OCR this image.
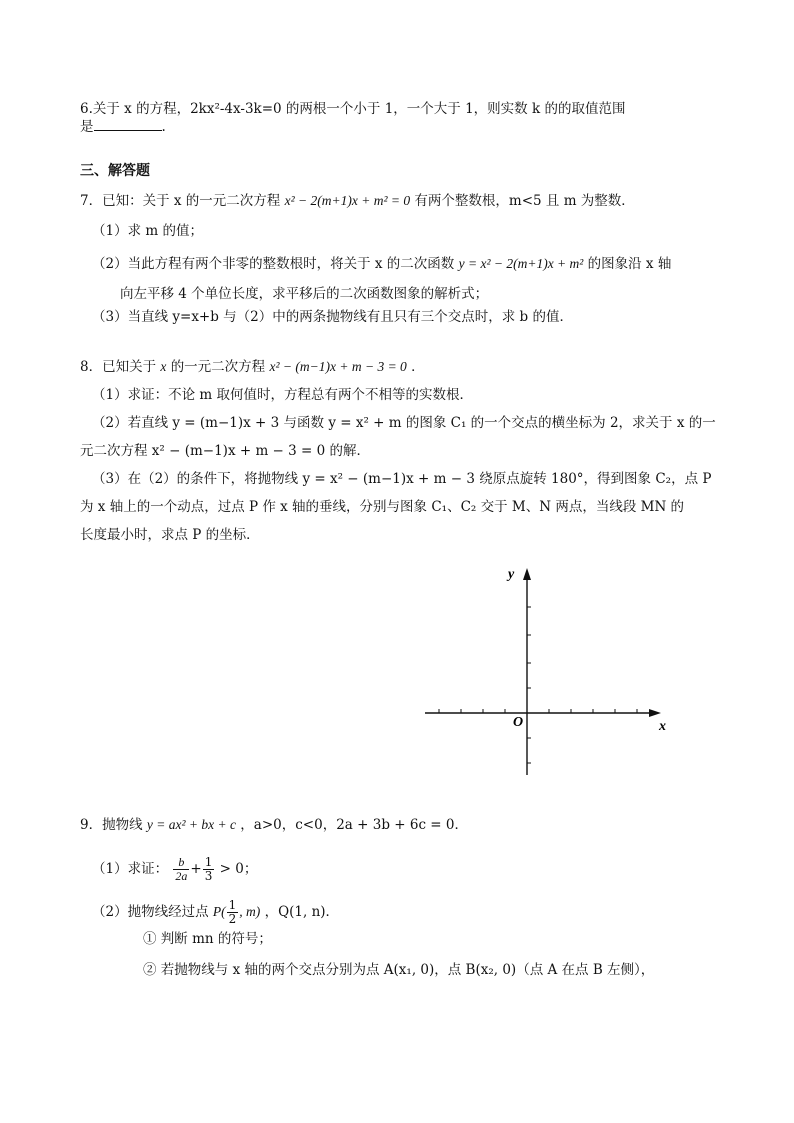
6.关于 x 的方程，2kx²-4x-3k=0 的两根一个小于 1，一个大于 1，则实数 k 的的取值范围
是	.
三、解答题
7．已知：关于 x 的一元二次方程 x² − 2(m+1)x + m² = 0 有两个整数根，m<5 且 m 为整数．
（1）求 m 的值；
（2）当此方程有两个非零的整数根时，将关于 x 的二次函数 y = x² − 2(m+1)x + m² 的图象沿 x 轴
向左平移 4 个单位长度，求平移后的二次函数图象的解析式；
（3）当直线 y=x+b 与（2）中的两条抛物线有且只有三个交点时，求 b 的值．
8．已知关于 x 的一元二次方程 x² − (m−1)x + m − 3 = 0 ．
（1）求证：不论 m 取何值时，方程总有两个不相等的实数根．
（2）若直线 y = (m−1)x + 3 与函数 y = x² + m 的图象 C₁ 的一个交点的横坐标为 2，求关于 x 的一
元二次方程 x² − (m−1)x + m − 3 = 0 的解．
（3）在（2）的条件下，将抛物线 y = x² − (m−1)x + m − 3 绕原点旋转 180°，得到图象 C₂，点 P
为 x 轴上的一个动点，过点 P 作 x 轴的垂线，分别与图象 C₁、C₂ 交于 M、N 两点，当线段 MN 的
长度最小时，求点 P 的坐标．
y
x
O
9．抛物线 y = ax² + bx + c ，a>0，c<0，2a + 3b + 6c = 0．
（1）求证： $\frac{b}{2a} + \frac{1}{3} > 0$；
（2）抛物线经过点 $P( \frac{1}{2}$ , m) ，Q(1, n)．
① 判断 mn 的符号；
② 若抛物线与 x 轴的两个交点分别为点 A(x₁, 0)，点 B(x₂, 0)（点 A 在点 B 左侧），
